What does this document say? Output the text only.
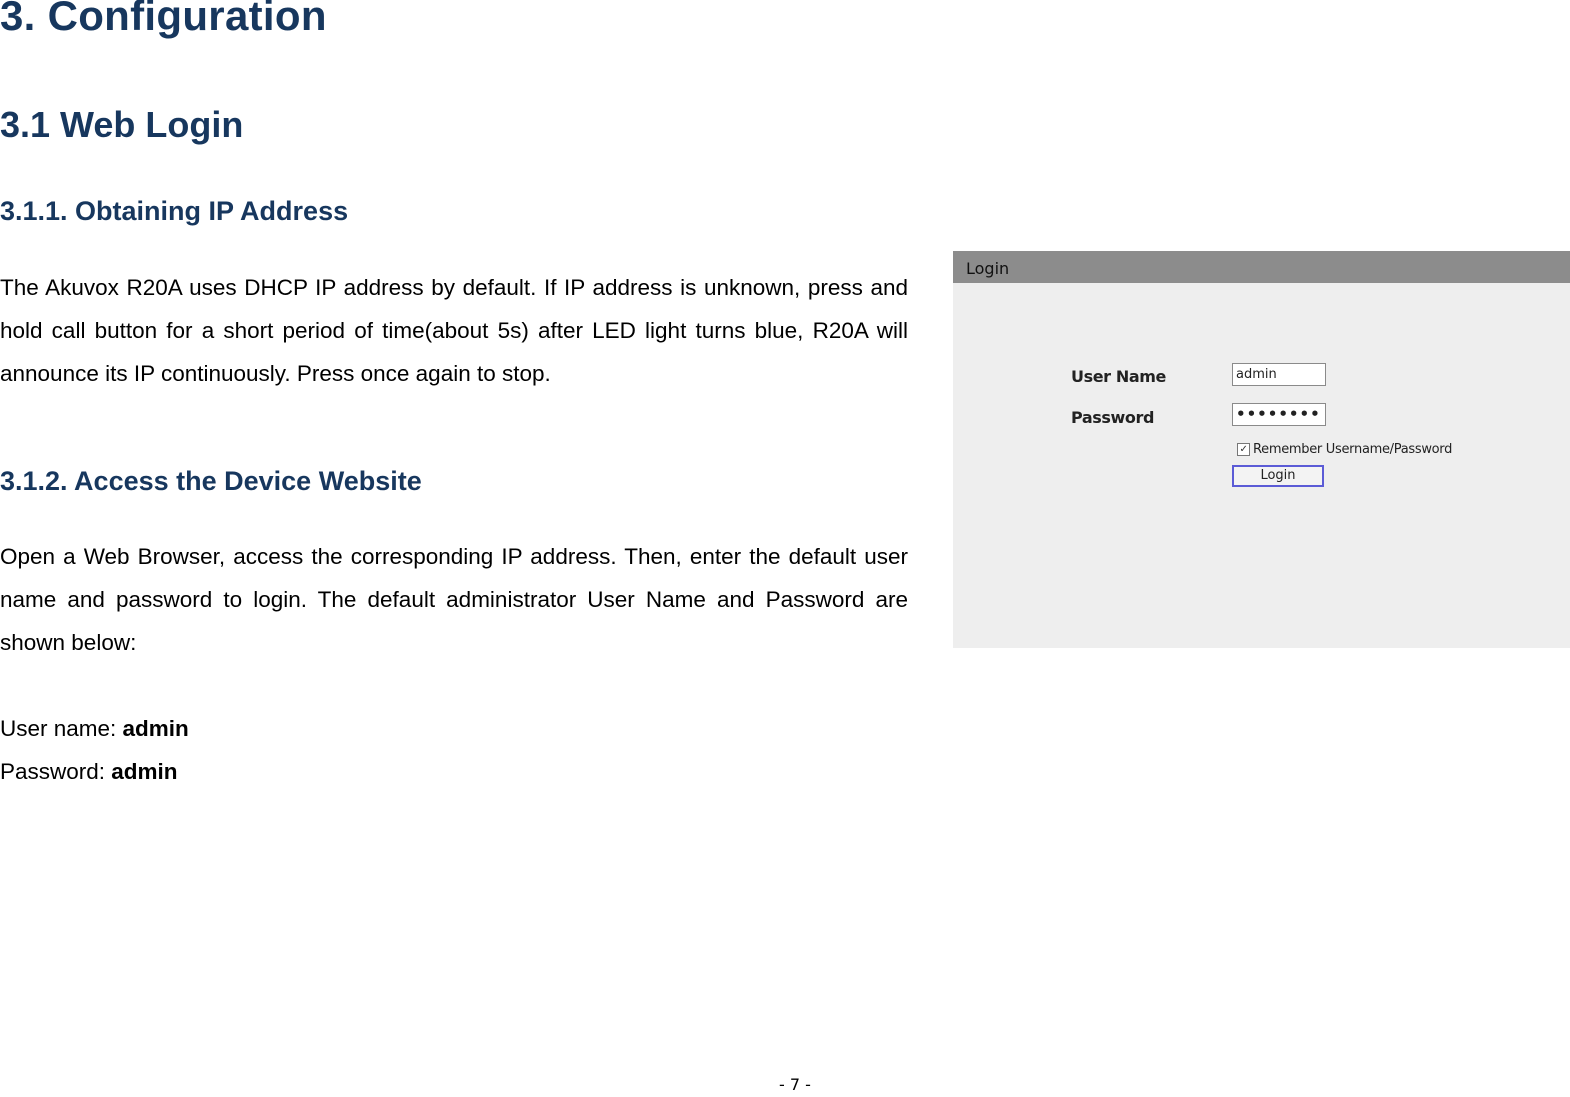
3. Configuration
3.1 Web Login
3.1.1. Obtaining IP Address

The Akuvox R20A uses DHCP IP address by default. If IP address is unknown, press and hold call button for a short period of time(about 5s) after LED light turns blue, R20A will announce its IP continuously. Press once again to stop.

3.1.2. Access the Device Website

Open a Web Browser, access the corresponding IP address. Then, enter the default user name and password to login. The default administrator User Name and Password are shown below:

User name: admin

Password: admin

Login
User Name	admin
Password	••••••••
✓ Remember Username/Password
Login
- 7 -
